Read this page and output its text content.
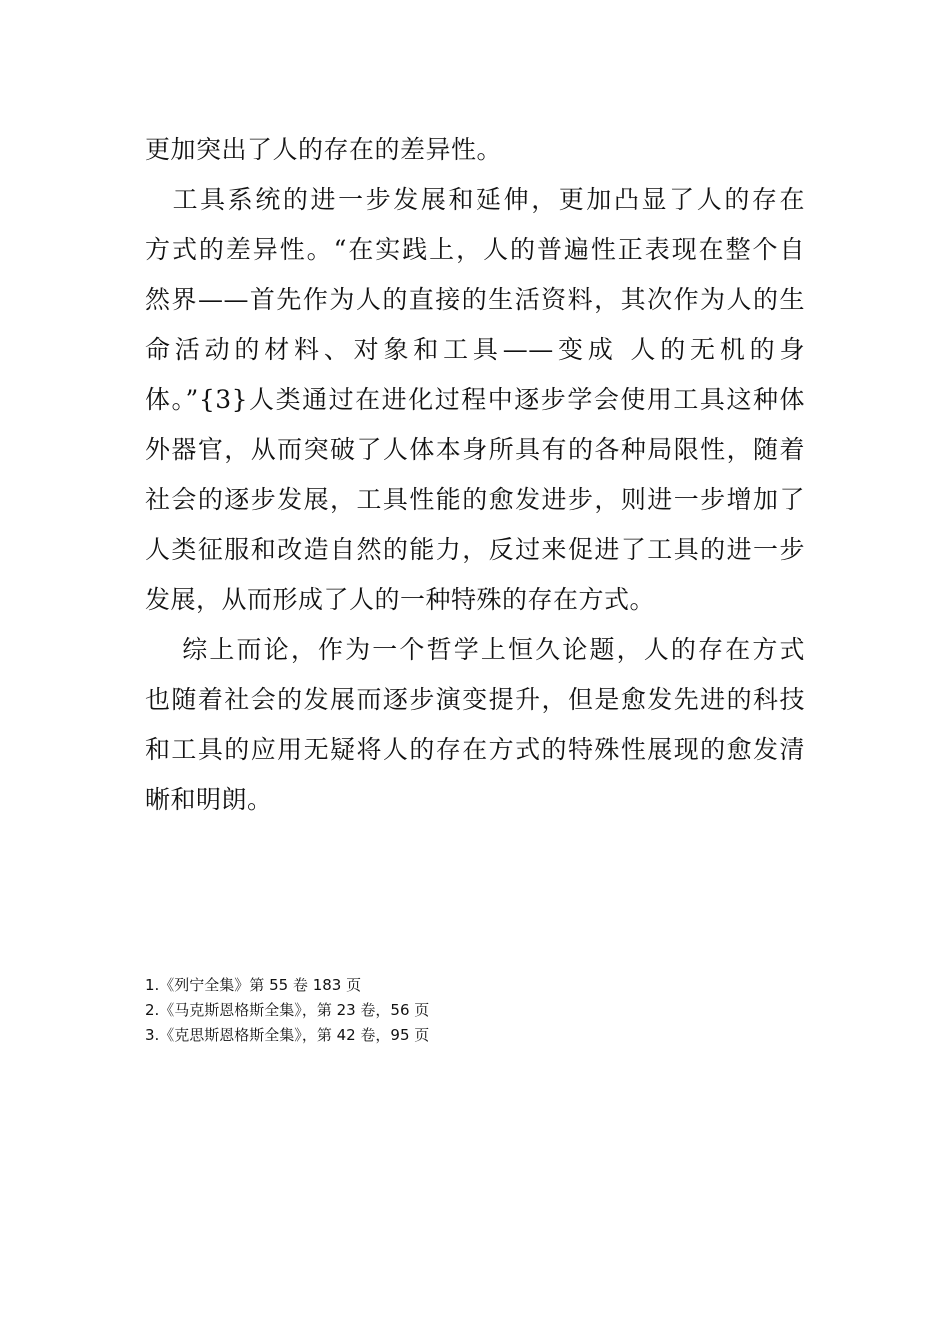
更加突出了人的存在的差异性。
　工具系统的进一步发展和延伸，更加凸显了人的存在
方式的差异性。“在实践上，人的普遍性正表现在整个自
然界——首先作为人的直接的生活资料，其次作为人的生
命活动的材料、对象和工具——变成 人的无机的身
体。”{3}人类通过在进化过程中逐步学会使用工具这种体
外器官，从而突破了人体本身所具有的各种局限性，随着
社会的逐步发展，工具性能的愈发进步，则进一步增加了
人类征服和改造自然的能力，反过来促进了工具的进一步
发展，从而形成了人的一种特殊的存在方式。
　 综上而论，作为一个哲学上恒久论题，人的存在方式
也随着社会的发展而逐步演变提升，但是愈发先进的科技
和工具的应用无疑将人的存在方式的特殊性展现的愈发清
晰和明朗。
1.《列宁全集》第 55 卷 183 页
2.《马克斯恩格斯全集》，第 23 卷，56 页
3.《克思斯恩格斯全集》，第 42 卷，95 页
